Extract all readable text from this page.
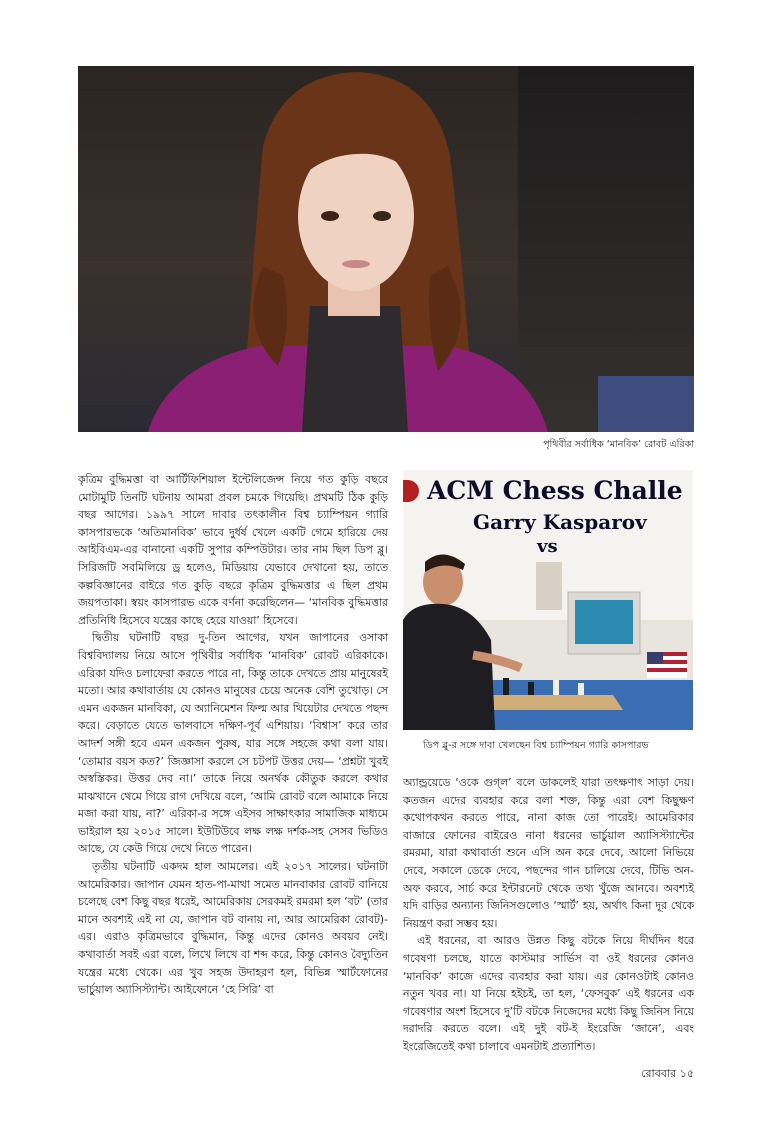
পৃথিবীর সর্বাধিক ‘মানবিক’ রোবট এরিকা
ACM Chess Challe
Garry Kasparov
vs
ডিপ ব্লু-র সঙ্গে দাবা খেলছেন বিশ্ব চ্যাম্পিয়ন গ্যারি কাসপারভ

কৃত্রিম বুদ্ধিমত্তা বা আর্টিফিশিয়াল ইন্টেলিজেন্স নিয়ে গত কুড়ি বছরে মোটামুটি তিনটি ঘটনায় আমরা প্রবল চমকে গিয়েছি। প্রথমটি ঠিক কুড়ি বছর আগের। ১৯৯৭ সালে দাবার তৎকালীন বিশ্ব চ্যাম্পিয়ন গ্যারি কাসপারভকে ‘অতিমানবিক’ ভাবে দুর্ধর্ষ খেলে একটি গেমে হারিয়ে দেয় আইবিএম-এর বানানো একটি সুপার কম্পিউটার। তার নাম ছিল ডিপ ব্লু। সিরিজটি সবমিলিয়ে ড্র হলেও, মিডিয়ায় যেভাবে দেখানো হয়, তাতে কল্পবিজ্ঞানের বাইরে গত কুড়ি বছরে কৃত্রিম বুদ্ধিমত্তার এ ছিল প্রথম জয়পতাকা। স্বয়ং কাসপারভ একে বর্ণনা করেছিলেন— ‘মানবিক বুদ্ধিমত্তার প্রতিনিধি হিসেবে যন্ত্রের কাছে হেরে যাওয়া’ হিসেবে।

দ্বিতীয় ঘটনাটি বছর দু-তিন আগের, যখন জাপানের ওসাকা বিশ্ববিদ্যালয় নিয়ে আসে পৃথিবীর সর্বাধিক ‘মানবিক’ রোবট এরিকাকে। এরিকা যদিও চলাফেরা করতে পারে না, কিন্তু তাকে দেখতে প্রায় মানুষেরই মতো। আর কথাবার্তায় যে কোনও মানুষের চেয়ে অনেক বেশি তুখোড়। সে এমন একজন মানবিকা, যে অ্যানিমেশন ফিল্ম আর থিয়েটার দেখতে পছন্দ করে। বেড়াতে যেতে ভালবাসে দক্ষিণ-পূর্ব এশিয়ায়। ‘বিশ্বাস’ করে তার আদর্শ সঙ্গী হবে এমন একজন পুরুষ, যার সঙ্গে সহজে কথা বলা যায়। ‘তোমার বয়স কত?’ জিজ্ঞাসা করলে সে চটপট উত্তর দেয়— ‘প্রশ্নটা খুবই অস্বস্তিকর। উত্তর দেব না।’ তাকে নিয়ে অনর্থক কৌতুক করলে কথার মাঝখানে থেমে গিয়ে রাগ দেখিয়ে বলে, ‘আমি রোবট বলে আমাকে নিয়ে মজা করা যায়, না?’ এরিকা-র সঙ্গে এইসব সাক্ষাৎকার সামাজিক মাধ্যমে ভাইরাল হয় ২০১৫ সালে। ইউটিউবে লক্ষ লক্ষ দর্শক-সহ সেসব ভিডিও আছে, যে কেউ গিয়ে দেখে নিতে পারেন।

তৃতীয় ঘটনাটি একদম হাল আমলের। এই ২০১৭ সালের। ঘটনাটা আমেরিকার। জাপান যেমন হাত-পা-মাথা সমেত মানবাকার রোবট বানিয়ে চলেছে বেশ কিছু বছর ধরেই, আমেরিকায় সেরকমই রমরমা হল ‘বট’ (তার মানে অবশ্যই এই না যে, জাপান বট বানায় না, আর আমেরিকা রোবট)-এর। এরাও কৃত্রিমভাবে বুদ্ধিমান, কিন্তু এদের কোনও অবয়ব নেই। কথাবার্তা সবই এরা বলে, লিখে লিখে বা শব্দ করে, কিন্তু কোনও বৈদ্যুতিন যন্ত্রের মধ্যে থেকে। এর খুব সহজ উদাহরণ হল, বিভিন্ন স্মার্টফোনের ভার্চুয়াল অ্যাসিস্ট্যান্ট। আইফোনে ‘হে সিরি’ বা

অ্যান্ড্রয়েডে ‘ওকে গুগ্‌ল’ বলে ডাকলেই যারা তৎক্ষণাৎ সাড়া দেয়। কতজন এদের ব্যবহার করে বলা শক্ত, কিন্তু এরা বেশ কিছুক্ষণ কথোপকথন করতে পারে, নানা কাজ তো পারেই। আমেরিকার বাজারে ফোনের বাইরেও নানা ধরনের ভার্চুয়াল অ্যাসিস্ট্যান্টের রমরমা, যারা কথাবার্তা শুনে এসি অন করে দেবে, আলো নিভিয়ে দেবে, সকালে ডেকে দেবে, পছন্দের গান চালিয়ে দেবে, টিভি অন-অফ করবে, সার্চ করে ইন্টারনেট থেকে তথ্য খুঁজে আনবে। অবশ্যই যদি বাড়ির অন্যান্য জিনিসগুলোও ‘স্মার্ট’ হয়, অর্থাৎ কিনা দূর থেকে নিয়ন্ত্রণ করা সম্ভব হয়।

এই ধরনের, বা আরও উন্নত কিছু বটকে নিয়ে দীর্ঘদিন ধরে গবেষণা চলছে, যাতে কাস্টমার সার্ভিস বা ওই ধরনের কোনও ‘মানবিক’ কাজে এদের ব্যবহার করা যায়। এর কোনওটাই কোনও নতুন খবর না। যা নিয়ে হইচই, তা হল, ‘ফেসবুক’ এই ধরনের এক গবেষণার অংশ হিসেবে দু’টি বটকে নিজেদের মধ্যে কিছু জিনিস নিয়ে দরাদরি করতে বলে। এই দুই বট-ই ইংরেজি ‘জানে’, এবং ইংরেজিতেই কথা চালাবে এমনটাই প্রত্যাশিত।

রোববার ১৫
